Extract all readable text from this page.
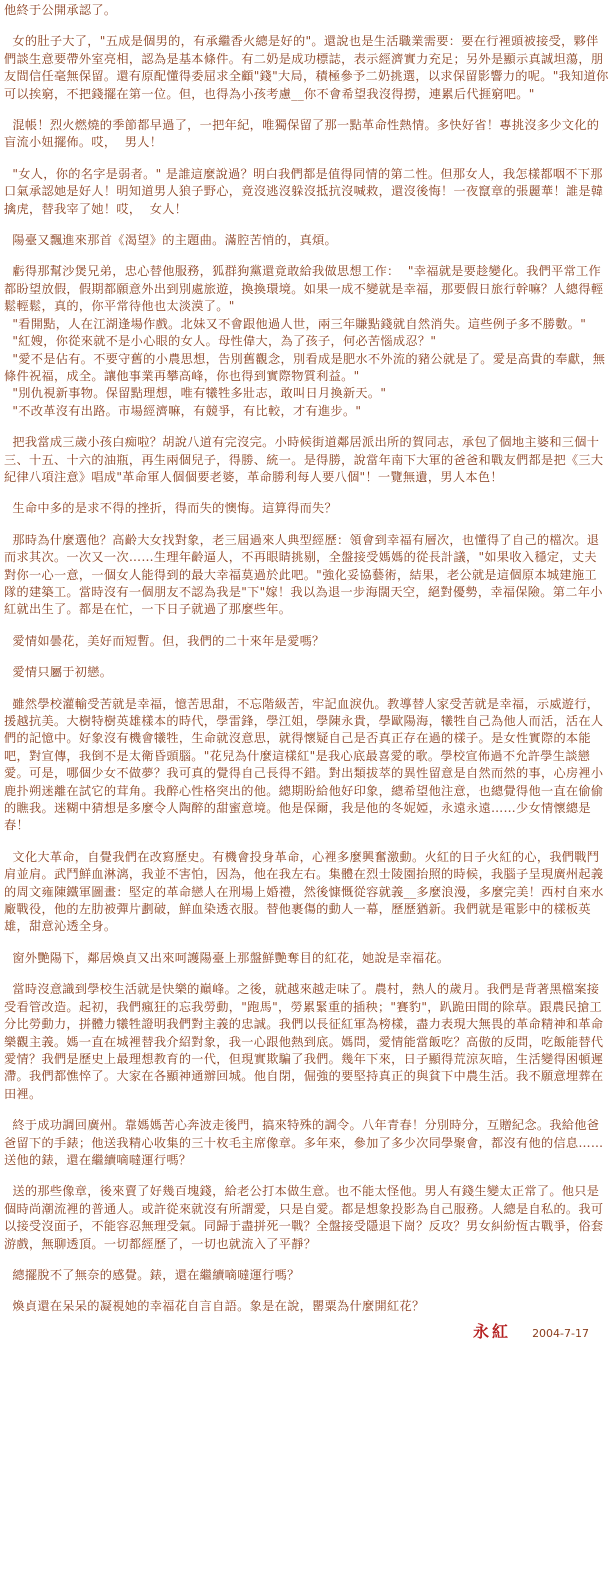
他終于公開承認了。

女的肚子大了，"五成是個男的，有承繼香火總是好的"。還說也是生活職業需要：要在行裡頭被接受，夥伴們談生意要帶外室亮相，認為是基本條件。有二奶是成功標誌，表示經濟實力充足；另外是顯示真誠坦蕩，朋友間信任毫無保留。還有原配懂得委屈求全顧"錢"大局，積極參予二奶挑選，以求保留影響力的呢。"我知道你可以挨窮，不把錢擺在第一位。但，也得為小孩考慮__你不會希望我沒得撈，連累后代捱窮吧。"

混帳！烈火燃燒的季節都早過了，一把年紀，唯獨保留了那一點革命性熱情。多快好省！專挑沒多少文化的盲流小妞擺佈。哎，  男人！

"女人，你的名字是弱者。" 是誰這麼說過？明白我們都是值得同情的第二性。但那女人，我怎樣都咽不下那口氣承認她是好人！明知道男人狼子野心，竟沒逃沒躲沒抵抗沒喊救，還沒後悔！一夜竄章的張麗華！誰是韓擒虎，替我宰了她！哎，  女人！

陽臺又飄進來那首《渴望》的主題曲。滿腔苦悄的，真煩。

虧得那幫沙煲兄弟，忠心替他服務，狐群狗黨還竟敢給我做思想工作：  "幸福就是要趁變化。我們平常工作都盼望放假，假期都願意外出到別處旅遊，換換環境。如果一成不變就是幸福，那要假日旅行幹嘛？人總得輕鬆輕鬆，真的，你平常待他也太淡漠了。"
"看開點，人在江湖逢場作戲。北妹又不會跟他過人世，兩三年賺點錢就自然消失。這些例子多不勝數。"
"紅嫂，你從來就不是小心眼的女人。母性偉大，為了孩子，何必苦惱成忍？"
"愛不是佔有。不要守舊的小農思想，告別舊觀念，別看成是肥水不外流的豬公就是了。愛是高貴的奉獻，無條件祝福，成全。讓他事業再攀高峰，你也得到實際物質利益。"
"別仇視新事物。保留點理想，唯有犧牲多壯志，敢叫日月換新天。"
"不改革沒有出路。市場經濟嘛，有競爭，有比較，才有進步。"

把我當成三歲小孩白痴啦？胡說八道有完沒完。小時候街道鄰居派出所的賀同志，承包了個地主婆和三個十三、十五、十六的油瓶，再生兩個兒子，得勝、統一。是得勝，說當年南下大軍的爸爸和戰友們都是把《三大紀律八項注意》唱成"革命軍人個個要老婆，革命勝利每人要八個"！一覽無遺，男人本色！

生命中多的是求不得的挫折，得而失的懊悔。這算得而失？

那時為什麼選他？高齡大女找對象，老三屆過來人典型經歷：領會到幸福有層次，也懂得了自己的檔次。退而求其次。一次又一次……生理年齡逼人，不再眼睛挑剔，全盤接受媽媽的從長計議，"如果收入穩定，丈夫對你一心一意，一個女人能得到的最大幸福莫過於此吧。"強化妥協藝術，結果，老公就是這個原本城建施工隊的建築工。當時沒有一個朋友不認為我是"下"嫁！我以為退一步海闊天空，絕對優勢，幸福保險。第二年小紅就出生了。都是在忙，一下日子就過了那麼些年。

愛情如曇花，美好而短暫。但，我們的二十來年是愛嗎？

愛情只屬于初戀。

雖然學校灌輸受苦就是幸福，憶苦思甜，不忘階級苦，牢記血淚仇。教導替人家受苦就是幸福，示威遊行，援越抗美。大樹特樹英雄樣本的時代，學雷鋒，學江姐，學陳永貴，學歐陽海，犧牲自己為他人而活，活在人們的記憶中。好象沒有機會犧牲，生命就沒意思，就得懷疑自己是否真正存在過的樣子。是女性實際的本能吧，對宣傳，我倒不是太衛昏頭腦。"花兒為什麼這樣紅"是我心底最喜愛的歌。學校宣佈過不允許學生談戀愛。可是，哪個少女不做夢？我可真的覺得自己長得不錯。對出類拔萃的異性留意是自然而然的事，心房裡小鹿扑朔迷離在試它的茸角。我醉心性格突出的他。總期盼給他好印象，總希望他注意，也總覺得他一直在偷偷的瞧我。迷糊中猜想是多麼令人陶醉的甜蜜意境。他是保爾，我是他的冬妮婭，永遠永遠……少女情懷總是春！

文化大革命，自覺我們在改寫歷史。有機會投身革命，心裡多麼興奮激動。火紅的日子火紅的心，我們戰鬥肩並肩。武鬥鮮血淋漓，我並不害怕，因為，他在我左右。集體在烈士陵園抬照的時候，我腦子呈現廣州起義的周文雍陳鐵軍圖畫：堅定的革命戀人在刑場上婚禮，然後慷慨從容就義__多麼浪漫，多麼完美！西村自來水廠戰役，他的左肋被彈片劃破，鮮血染透衣服。替他裹傷的動人一幕，歷歷猶新。我們就是電影中的樣板英雄，甜意沁透全身。

窗外艷陽下，鄰居煥貞又出來呵護陽臺上那盤鮮艷奪目的紅花，她說是幸福花。

當時沒意識到學校生活就是快樂的巔峰。之後，就越來越走味了。農村，熱人的歲月。我們是背著黑檔案接受看管改造。起初，我們瘋狂的忘我勞動，"跑馬"，勞累緊重的插秧；"賽豹"，趴跪田間的除草。跟農民搶工分比勞動力，拼體力犧牲證明我們對主義的忠誠。我們以長征紅軍為榜樣，盡力表現大無畏的革命精神和革命樂觀主義。媽一直在城裡替我介紹對象，我一心跟他熱到底。媽問，愛情能當飯吃？高傲的反問，吃飯能替代愛情？我們是歷史上最理想教育的一代，但現實欺騙了我們。幾年下來，日子顯得荒涼灰暗，生活變得困頓遲滯。我們都憔悴了。大家在各顯神通辦回城。他自閉，倔強的要堅持真正的與貧下中農生活。我不願意埋葬在田裡。

終于成功調回廣州。靠媽媽苦心奔波走後門，搞來特殊的調令。八年青春！分別時分，互贈紀念。我給他爸爸留下的手錶；他送我精心收集的三十枚毛主席像章。多年來，參加了多少次同學聚會，都沒有他的信息……送他的錶，還在繼續嘀噠運行嗎？

送的那些像章，後來賣了好幾百塊錢，給老公打本做生意。也不能太怪他。男人有錢生變太正常了。他只是個時尚潮流裡的普通人。或許從來就沒有所謂愛，只是自愛。都是想象投影為自己服務。人總是自私的。我可以接受沒面子，不能容忍無理受氣。同歸于盡拼死一戰？全盤接受隱退下崗？反攻？男女糾紛恆古戰爭，俗套游戲，無聊透頂。一切都經歷了，一切也就流入了平靜？

總擺脫不了無奈的感覺。錶，還在繼續嘀噠運行嗎？

煥貞還在呆呆的凝視她的幸福花自言自語。象是在說，罌粟為什麼開紅花？

永紅 2004-7-17
